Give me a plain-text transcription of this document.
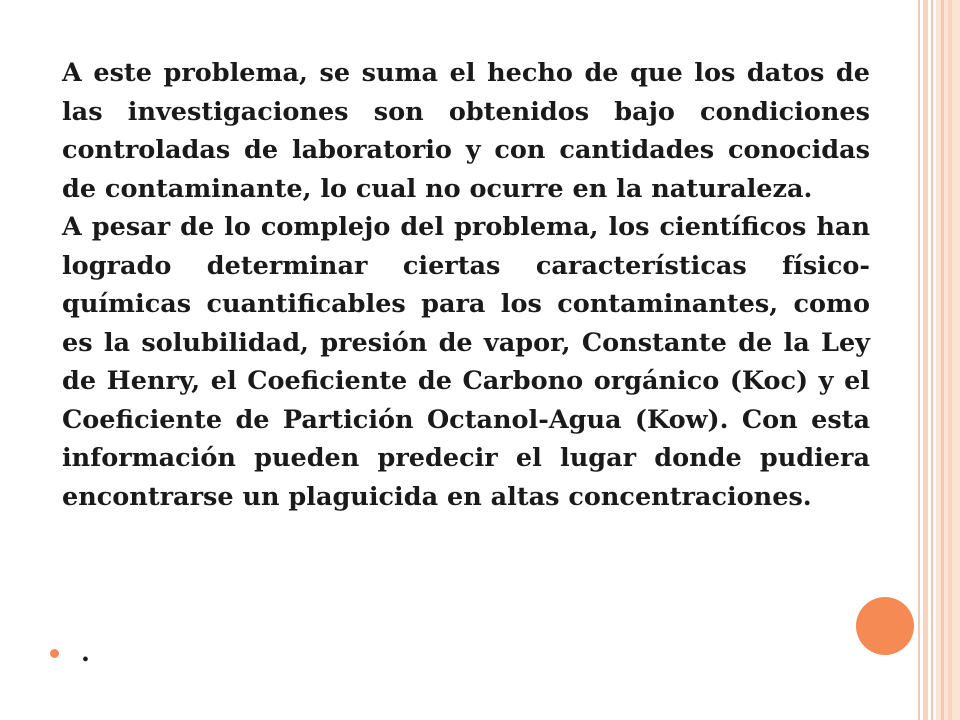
A este problema, se suma el hecho de que los datos de las investigaciones son obtenidos bajo condiciones controladas de laboratorio y con cantidades conocidas de contaminante, lo cual no ocurre en la naturaleza.

A pesar de lo complejo del problema, los científicos han logrado determinar ciertas características físico-químicas cuantificables para los contaminantes, como es la solubilidad, presión de vapor, Constante de la Ley de Henry, el Coeficiente de Carbono orgánico (Koc) y el Coeficiente de Partición Octanol-Agua (Kow). Con esta información pueden predecir el lugar donde pudiera encontrarse un plaguicida en altas concentraciones.

.
